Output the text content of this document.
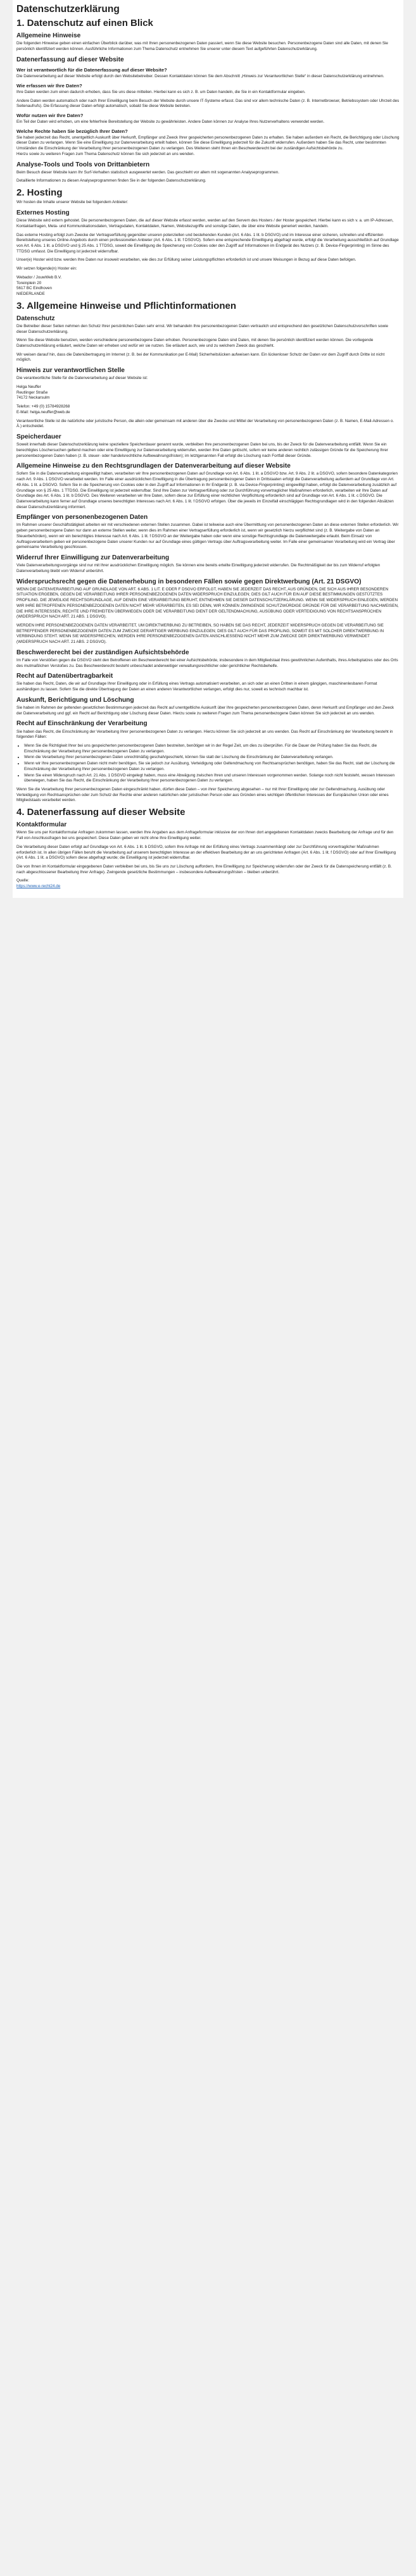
Datenschutzerklärung
1. Datenschutz auf einen Blick
Allgemeine Hinweise

Die folgenden Hinweise geben einen einfachen Überblick darüber, was mit Ihren personenbezogenen Daten passiert, wenn Sie diese Website besuchen. Personenbezogene Daten sind alle Daten, mit denen Sie persönlich identifiziert werden können. Ausführliche Informationen zum Thema Datenschutz entnehmen Sie unserer unter diesem Text aufgeführten Datenschutzerklärung.

Datenerfassung auf dieser Website
Wer ist verantwortlich für die Datenerfassung auf dieser Website?

Die Datenverarbeitung auf dieser Website erfolgt durch den Websitebetreiber. Dessen Kontaktdaten können Sie dem Abschnitt „Hinweis zur Verantwortlichen Stelle“ in dieser Datenschutzerklärung entnehmen.

Wie erfassen wir Ihre Daten?

Ihre Daten werden zum einen dadurch erhoben, dass Sie uns diese mitteilen. Hierbei kann es sich z. B. um Daten handeln, die Sie in ein Kontaktformular eingeben.

Andere Daten werden automatisch oder nach Ihrer Einwilligung beim Besuch der Website durch unsere IT-Systeme erfasst. Das sind vor allem technische Daten (z. B. Internetbrowser, Betriebssystem oder Uhrzeit des Seitenaufrufs). Die Erfassung dieser Daten erfolgt automatisch, sobald Sie diese Website betreten.

Wofür nutzen wir Ihre Daten?

Ein Teil der Daten wird erhoben, um eine fehlerfreie Bereitstellung der Website zu gewährleisten. Andere Daten können zur Analyse Ihres Nutzerverhaltens verwendet werden.

Welche Rechte haben Sie bezüglich Ihrer Daten?

Sie haben jederzeit das Recht, unentgeltlich Auskunft über Herkunft, Empfänger und Zweck Ihrer gespeicherten personenbezogenen Daten zu erhalten. Sie haben außerdem ein Recht, die Berichtigung oder Löschung dieser Daten zu verlangen. Wenn Sie eine Einwilligung zur Datenverarbeitung erteilt haben, können Sie diese Einwilligung jederzeit für die Zukunft widerrufen. Außerdem haben Sie das Recht, unter bestimmten Umständen die Einschränkung der Verarbeitung Ihrer personenbezogenen Daten zu verlangen. Des Weiteren steht Ihnen ein Beschwerderecht bei der zuständigen Aufsichtsbehörde zu.
Hierzu sowie zu weiteren Fragen zum Thema Datenschutz können Sie sich jederzeit an uns wenden.

Analyse-Tools und Tools von Drittanbietern

Beim Besuch dieser Website kann Ihr Surf-Verhalten statistisch ausgewertet werden. Das geschieht vor allem mit sogenannten Analyseprogrammen.

Detaillierte Informationen zu diesen Analyseprogrammen finden Sie in der folgenden Datenschutzerklärung.

2. Hosting

Wir hosten die Inhalte unserer Website bei folgendem Anbieter:

Externes Hosting

Diese Website wird extern gehostet. Die personenbezogenen Daten, die auf dieser Website erfasst werden, werden auf den Servern des Hosters / der Hoster gespeichert. Hierbei kann es sich v. a. um IP-Adressen, Kontaktanfragen, Meta- und Kommunikationsdaten, Vertragsdaten, Kontaktdaten, Namen, Websitezugriffe und sonstige Daten, die über eine Website generiert werden, handeln.

Das externe Hosting erfolgt zum Zwecke der Vertragserfüllung gegenüber unseren potenziellen und bestehenden Kunden (Art. 6 Abs. 1 lit. b DSGVO) und im Interesse einer sicheren, schnellen und effizienten Bereitstellung unseres Online-Angebots durch einen professionellen Anbieter (Art. 6 Abs. 1 lit. f DSGVO). Sofern eine entsprechende Einwilligung abgefragt wurde, erfolgt die Verarbeitung ausschließlich auf Grundlage von Art. 6 Abs. 1 lit. a DSGVO und § 25 Abs. 1 TTDSG, soweit die Einwilligung die Speicherung von Cookies oder den Zugriff auf Informationen im Endgerät des Nutzers (z. B. Device-Fingerprinting) im Sinne des TTDSG umfasst. Die Einwilligung ist jederzeit widerrufbar.

Unser(e) Hoster wird bzw. werden Ihre Daten nur insoweit verarbeiten, wie dies zur Erfüllung seiner Leistungspflichten erforderlich ist und unsere Weisungen in Bezug auf diese Daten befolgen.

Wir setzen folgende(n) Hoster ein:

Webador / JouwWeb B.V.

Toreinplein 20

5617 BC Eindhoven

NIEDERLANDE

3. Allgemeine Hinweise und Pflichtinformationen
Datenschutz

Die Betreiber dieser Seiten nehmen den Schutz Ihrer persönlichen Daten sehr ernst. Wir behandeln Ihre personenbezogenen Daten vertraulich und entsprechend den gesetzlichen Datenschutzvorschriften sowie dieser Datenschutzerklärung.

Wenn Sie diese Website benutzen, werden verschiedene personenbezogene Daten erhoben. Personenbezogene Daten sind Daten, mit denen Sie persönlich identifiziert werden können. Die vorliegende Datenschutzerklärung erläutert, welche Daten wir erheben und wofür wir sie nutzen. Sie erläutert auch, wie und zu welchem Zweck das geschieht.

Wir weisen darauf hin, dass die Datenübertragung im Internet (z. B. bei der Kommunikation per E-Mail) Sicherheitslücken aufweisen kann. Ein lückenloser Schutz der Daten vor dem Zugriff durch Dritte ist nicht möglich.

Hinweis zur verantwortlichen Stelle

Die verantwortliche Stelle für die Datenverarbeitung auf dieser Website ist:

Helga Neuffer

Reutlinger Straße

74172 Neckarsulm

Telefon: +49 (0) 15784928268

E-Mail: helga.neuffer@web.de

Verantwortliche Stelle ist die natürliche oder juristische Person, die allein oder gemeinsam mit anderen über die Zwecke und Mittel der Verarbeitung von personenbezogenen Daten (z. B. Namen, E-Mail-Adressen o. Ä.) entscheidet.

Speicherdauer

Soweit innerhalb dieser Datenschutzerklärung keine speziellere Speicherdauer genannt wurde, verbleiben Ihre personenbezogenen Daten bei uns, bis der Zweck für die Datenverarbeitung entfällt. Wenn Sie ein berechtigtes Löschersuchen geltend machen oder eine Einwilligung zur Datenverarbeitung widerrufen, werden Ihre Daten gelöscht, sofern wir keine anderen rechtlich zulässigen Gründe für die Speicherung Ihrer personenbezogenen Daten haben (z. B. steuer- oder handelsrechtliche Aufbewahrungsfristen); im letztgenannten Fall erfolgt die Löschung nach Fortfall dieser Gründe.

Allgemeine Hinweise zu den Rechtsgrundlagen der Datenverarbeitung auf dieser Website

Sofern Sie in die Datenverarbeitung eingewilligt haben, verarbeiten wir Ihre personenbezogenen Daten auf Grundlage von Art. 6 Abs. 1 lit. a DSGVO bzw. Art. 9 Abs. 2 lit. a DSGVO, sofern besondere Datenkategorien nach Art. 9 Abs. 1 DSGVO verarbeitet werden. Im Falle einer ausdrücklichen Einwilligung in die Übertragung personenbezogener Daten in Drittstaaten erfolgt die Datenverarbeitung außerdem auf Grundlage von Art. 49 Abs. 1 lit. a DSGVO. Sofern Sie in die Speicherung von Cookies oder in den Zugriff auf Informationen in Ihr Endgerät (z. B. via Device-Fingerprinting) eingewilligt haben, erfolgt die Datenverarbeitung zusätzlich auf Grundlage von § 25 Abs. 1 TTDSG. Die Einwilligung ist jederzeit widerrufbar. Sind Ihre Daten zur Vertragserfüllung oder zur Durchführung vorvertraglicher Maßnahmen erforderlich, verarbeiten wir Ihre Daten auf Grundlage des Art. 6 Abs. 1 lit. b DSGVO. Des Weiteren verarbeiten wir Ihre Daten, sofern diese zur Erfüllung einer rechtlichen Verpflichtung erforderlich sind auf Grundlage von Art. 6 Abs. 1 lit. c DSGVO. Die Datenverarbeitung kann ferner auf Grundlage unseres berechtigten Interesses nach Art. 6 Abs. 1 lit. f DSGVO erfolgen. Über die jeweils im Einzelfall einschlägigen Rechtsgrundlagen wird in den folgenden Absätzen dieser Datenschutzerklärung informiert.

Empfänger von personenbezogenen Daten

Im Rahmen unserer Geschäftstätigkeit arbeiten wir mit verschiedenen externen Stellen zusammen. Dabei ist teilweise auch eine Übermittlung von personenbezogenen Daten an diese externen Stellen erforderlich. Wir geben personenbezogene Daten nur dann an externe Stellen weiter, wenn dies im Rahmen einer Vertragserfüllung erforderlich ist, wenn wir gesetzlich hierzu verpflichtet sind (z. B. Weitergabe von Daten an Steuerbehörden), wenn wir ein berechtigtes Interesse nach Art. 6 Abs. 1 lit. f DSGVO an der Weitergabe haben oder wenn eine sonstige Rechtsgrundlage die Datenweitergabe erlaubt. Beim Einsatz von Auftragsverarbeitern geben wir personenbezogene Daten unserer Kunden nur auf Grundlage eines gültigen Vertrags über Auftragsverarbeitung weiter. Im Falle einer gemeinsamen Verarbeitung wird ein Vertrag über gemeinsame Verarbeitung geschlossen.

Widerruf Ihrer Einwilligung zur Datenverarbeitung

Viele Datenverarbeitungsvorgänge sind nur mit Ihrer ausdrücklichen Einwilligung möglich. Sie können eine bereits erteilte Einwilligung jederzeit widerrufen. Die Rechtmäßigkeit der bis zum Widerruf erfolgten Datenverarbeitung bleibt vom Widerruf unberührt.

Widerspruchsrecht gegen die Datenerhebung in besonderen Fällen sowie gegen Direktwerbung (Art. 21 DSGVO)

WENN DIE DATENVERARBEITUNG AUF GRUNDLAGE VON ART. 6 ABS. 1 LIT. E ODER F DSGVO ERFOLGT, HABEN SIE JEDERZEIT DAS RECHT, AUS GRÜNDEN, DIE SICH AUS IHRER BESONDEREN SITUATION ERGEBEN, GEGEN DIE VERARBEITUNG IHRER PERSONENBEZOGENEN DATEN WIDERSPRUCH EINZULEGEN; DIES GILT AUCH FÜR EIN AUF DIESE BESTIMMUNGEN GESTÜTZTES PROFILING. DIE JEWEILIGE RECHTSGRUNDLAGE, AUF DENEN EINE VERARBEITUNG BERUHT, ENTNEHMEN SIE DIESER DATENSCHUTZERKLÄRUNG. WENN SIE WIDERSPRUCH EINLEGEN, WERDEN WIR IHRE BETROFFENEN PERSONENBEZOGENEN DATEN NICHT MEHR VERARBEITEN, ES SEI DENN, WIR KÖNNEN ZWINGENDE SCHUTZWÜRDIGE GRÜNDE FÜR DIE VERARBEITUNG NACHWEISEN, DIE IHRE INTERESSEN, RECHTE UND FREIHEITEN ÜBERWIEGEN ODER DIE VERARBEITUNG DIENT DER GELTENDMACHUNG, AUSÜBUNG ODER VERTEIDIGUNG VON RECHTSANSPRÜCHEN (WIDERSPRUCH NACH ART. 21 ABS. 1 DSGVO).

WERDEN IHRE PERSONENBEZOGENEN DATEN VERARBEITET, UM DIREKTWERBUNG ZU BETREIBEN, SO HABEN SIE DAS RECHT, JEDERZEIT WIDERSPRUCH GEGEN DIE VERARBEITUNG SIE BETREFFENDER PERSONENBEZOGENER DATEN ZUM ZWECKE DERARTIGER WERBUNG EINZULEGEN; DIES GILT AUCH FÜR DAS PROFILING, SOWEIT ES MIT SOLCHER DIREKTWERBUNG IN VERBINDUNG STEHT. WENN SIE WIDERSPRECHEN, WERDEN IHRE PERSONENBEZOGENEN DATEN ANSCHLIESSEND NICHT MEHR ZUM ZWECKE DER DIREKTWERBUNG VERWENDET (WIDERSPRUCH NACH ART. 21 ABS. 2 DSGVO).

Beschwerderecht bei der zuständigen Aufsichtsbehörde

Im Falle von Verstößen gegen die DSGVO steht den Betroffenen ein Beschwerderecht bei einer Aufsichtsbehörde, insbesondere in dem Mitgliedstaat ihres gewöhnlichen Aufenthalts, ihres Arbeitsplatzes oder des Orts des mutmaßlichen Verstoßes zu. Das Beschwerderecht besteht unbeschadet anderweitiger verwaltungsrechtlicher oder gerichtlicher Rechtsbehelfe.

Recht auf Datenübertragbarkeit

Sie haben das Recht, Daten, die wir auf Grundlage Ihrer Einwilligung oder in Erfüllung eines Vertrags automatisiert verarbeiten, an sich oder an einen Dritten in einem gängigen, maschinenlesbaren Format aushändigen zu lassen. Sofern Sie die direkte Übertragung der Daten an einen anderen Verantwortlichen verlangen, erfolgt dies nur, soweit es technisch machbar ist.

Auskunft, Berichtigung und Löschung

Sie haben im Rahmen der geltenden gesetzlichen Bestimmungen jederzeit das Recht auf unentgeltliche Auskunft über Ihre gespeicherten personenbezogenen Daten, deren Herkunft und Empfänger und den Zweck der Datenverarbeitung und ggf. ein Recht auf Berichtigung oder Löschung dieser Daten. Hierzu sowie zu weiteren Fragen zum Thema personenbezogene Daten können Sie sich jederzeit an uns wenden.

Recht auf Einschränkung der Verarbeitung

Sie haben das Recht, die Einschränkung der Verarbeitung Ihrer personenbezogenen Daten zu verlangen. Hierzu können Sie sich jederzeit an uns wenden. Das Recht auf Einschränkung der Verarbeitung besteht in folgenden Fällen:

• Wenn Sie die Richtigkeit Ihrer bei uns gespeicherten personenbezogenen Daten bestreiten, benötigen wir in der Regel Zeit, um dies zu überprüfen. Für die Dauer der Prüfung haben Sie das Recht, die Einschränkung der Verarbeitung Ihrer personenbezogenen Daten zu verlangen.
• Wenn die Verarbeitung Ihrer personenbezogenen Daten unrechtmäßig geschah/geschieht, können Sie statt der Löschung die Einschränkung der Datenverarbeitung verlangen.
• Wenn wir Ihre personenbezogenen Daten nicht mehr benötigen, Sie sie jedoch zur Ausübung, Verteidigung oder Geltendmachung von Rechtsansprüchen benötigen, haben Sie das Recht, statt der Löschung die Einschränkung der Verarbeitung Ihrer personenbezogenen Daten zu verlangen.
• Wenn Sie einen Widerspruch nach Art. 21 Abs. 1 DSGVO eingelegt haben, muss eine Abwägung zwischen Ihren und unseren Interessen vorgenommen werden. Solange noch nicht feststeht, wessen Interessen überwiegen, haben Sie das Recht, die Einschränkung der Verarbeitung Ihrer personenbezogenen Daten zu verlangen.

Wenn Sie die Verarbeitung Ihrer personenbezogenen Daten eingeschränkt haben, dürfen diese Daten – von ihrer Speicherung abgesehen – nur mit Ihrer Einwilligung oder zur Geltendmachung, Ausübung oder Verteidigung von Rechtsansprüchen oder zum Schutz der Rechte einer anderen natürlichen oder juristischen Person oder aus Gründen eines wichtigen öffentlichen Interesses der Europäischen Union oder eines Mitgliedstaats verarbeitet werden.

4. Datenerfassung auf dieser Website
Kontaktformular

Wenn Sie uns per Kontaktformular Anfragen zukommen lassen, werden Ihre Angaben aus dem Anfrageformular inklusive der von Ihnen dort angegebenen Kontaktdaten zwecks Bearbeitung der Anfrage und für den Fall von Anschlussfragen bei uns gespeichert. Diese Daten geben wir nicht ohne Ihre Einwilligung weiter.

Die Verarbeitung dieser Daten erfolgt auf Grundlage von Art. 6 Abs. 1 lit. b DSGVO, sofern Ihre Anfrage mit der Erfüllung eines Vertrags zusammenhängt oder zur Durchführung vorvertraglicher Maßnahmen erforderlich ist. In allen übrigen Fällen beruht die Verarbeitung auf unserem berechtigten Interesse an der effektiven Bearbeitung der an uns gerichteten Anfragen (Art. 6 Abs. 1 lit. f DSGVO) oder auf Ihrer Einwilligung (Art. 6 Abs. 1 lit. a DSGVO) sofern diese abgefragt wurde; die Einwilligung ist jederzeit widerrufbar.

Die von Ihnen im Kontaktformular eingegebenen Daten verbleiben bei uns, bis Sie uns zur Löschung auffordern, Ihre Einwilligung zur Speicherung widerrufen oder der Zweck für die Datenspeicherung entfällt (z. B. nach abgeschlossener Bearbeitung Ihrer Anfrage). Zwingende gesetzliche Bestimmungen – insbesondere Aufbewahrungsfristen – bleiben unberührt.

Quelle:
https://www.e-recht24.de
